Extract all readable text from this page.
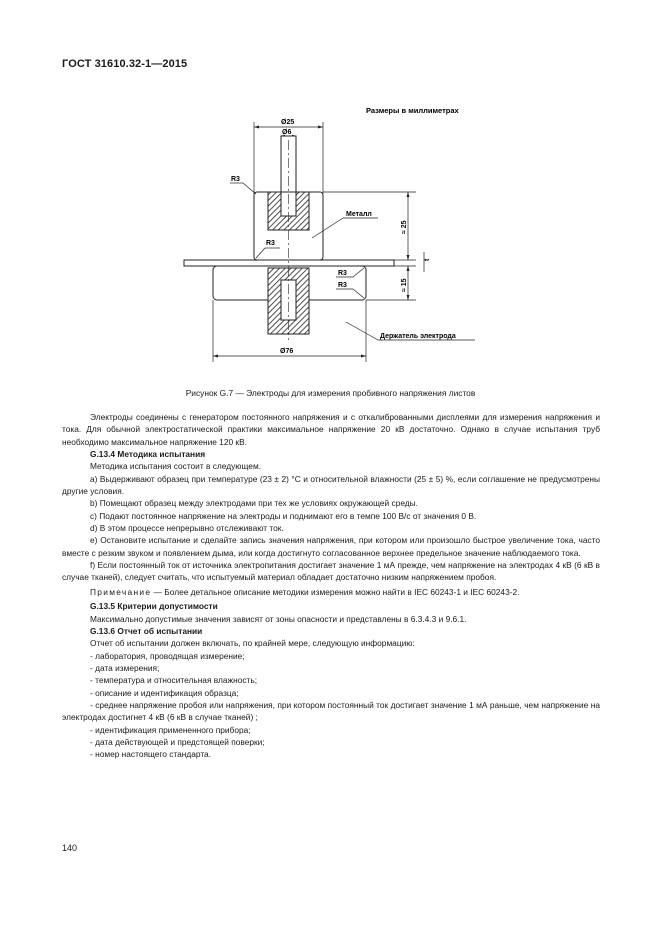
ГОСТ 31610.32-1—2015
Размеры в миллиметрах
Ø25
Ø6
R3
R3
R3
R3
Металл
≈ 25
t
≈ 15
Держатель электрода
Ø76
Рисунок G.7 — Электроды для измерения пробивного напряжения листов

Электроды соединены с генератором постоянного напряжения и с откалиброванными дисплеями для измерения напряжения и тока. Для обычной электростатической практики максимальное напряжение 20 кВ достаточно. Однако в случае испытания труб необходимо максимальное напряжение 120 кВ.

G.13.4 Методика испытания

Методика испытания состоит в следующем.

a) Выдерживают образец при температуре (23 ± 2) °С и относительной влажности (25 ± 5) %, если соглашение не предусмотрены другие условия.

b) Помещают образец между электродами при тех же условиях окружающей среды.

c) Подают постоянное напряжение на электроды и поднимают его в темпе 100 В/с от значения 0 В.

d) В этом процессе непрерывно отслеживают ток.

e) Остановите испытание и сделайте запись значения напряжения, при котором или произошло быстрое увеличение тока, часто вместе с резким звуком и появлением дыма, или когда достигнуто согласованное верхнее предельное значение наблюдаемого тока.

f) Если постоянный ток от источника электропитания достигает значение 1 мА прежде, чем напряжение на электродах 4 кВ (6 кВ в случае тканей), следует считать, что испытуемый материал обладает достаточно низким напряжением пробоя.

Примечание — Более детальное описание методики измерения можно найти в IEC 60243-1 и IEC 60243-2.

G.13.5 Критерии допустимости

Максимально допустимые значения зависят от зоны опасности и представлены в 6.3.4.3 и 9.6.1.

G.13.6 Отчет об испытании

Отчет об испытании должен включать, по крайней мере, следующую информацию:

- лаборатория, проводящая измерение;

- дата измерения;

- температура и относительная влажность;

- описание и идентификация образца;

- среднее напряжение пробоя или напряжения, при котором постоянный ток достигает значение 1 мА раньше, чем напряжение на электродах достигнет 4 кВ (6 кВ в случае тканей) ;

- идентификация примененного прибора;

- дата действующей и предстоящей поверки;

- номер настоящего стандарта.

140
